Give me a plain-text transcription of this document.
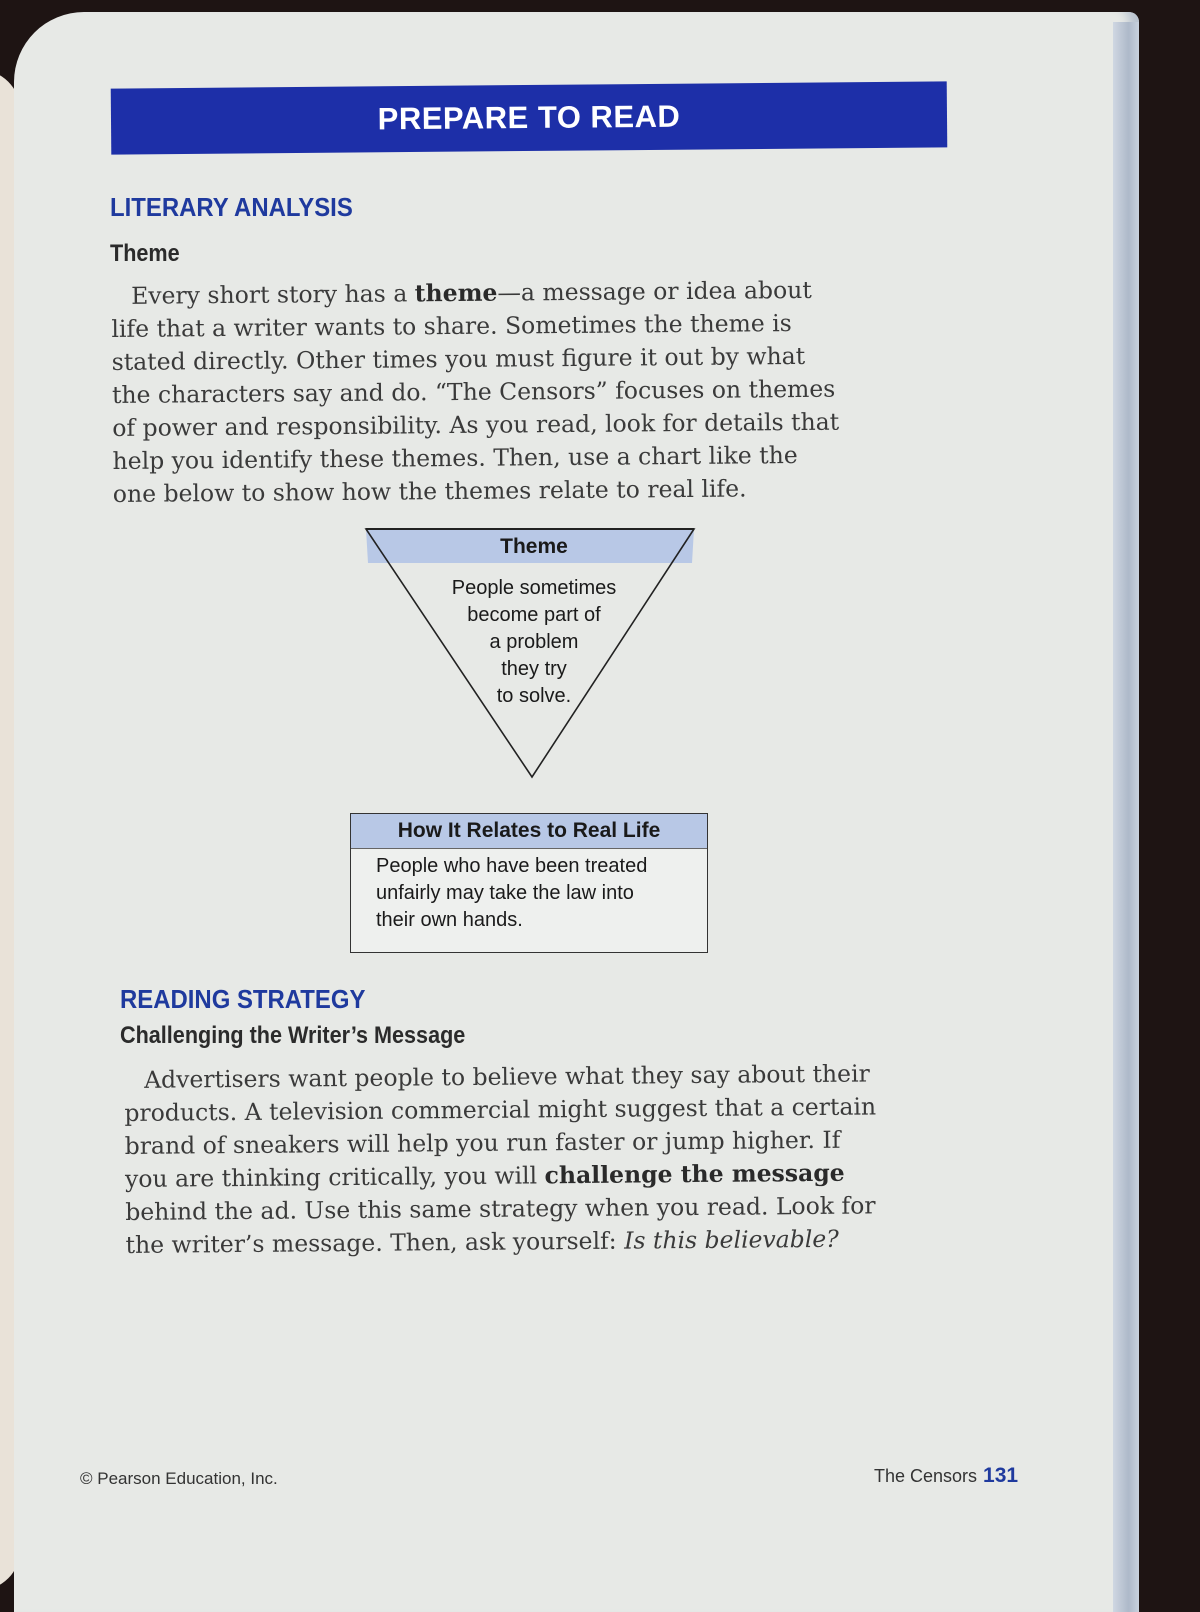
PREPARE TO READ
LITERARY ANALYSIS
Theme

Every short story has a theme—a message or idea about

life that a writer wants to share. Sometimes the theme is

stated directly. Other times you must figure it out by what

the characters say and do. “The Censors” focuses on themes

of power and responsibility. As you read, look for details that

help you identify these themes. Then, use a chart like the

one below to show how the themes relate to real life.

Theme
People sometimes
become part of
a problem
they try
to solve.
How It Relates to Real Life
People who have been treated
unfairly may take the law into
their own hands.
READING STRATEGY
Challenging the Writer’s Message

Advertisers want people to believe what they say about their

products. A television commercial might suggest that a certain

brand of sneakers will help you run faster or jump higher. If

you are thinking critically, you will challenge the message

behind the ad. Use this same strategy when you read. Look for

the writer’s message. Then, ask yourself: Is this believable?

© Pearson Education, Inc.	The Censors 131
